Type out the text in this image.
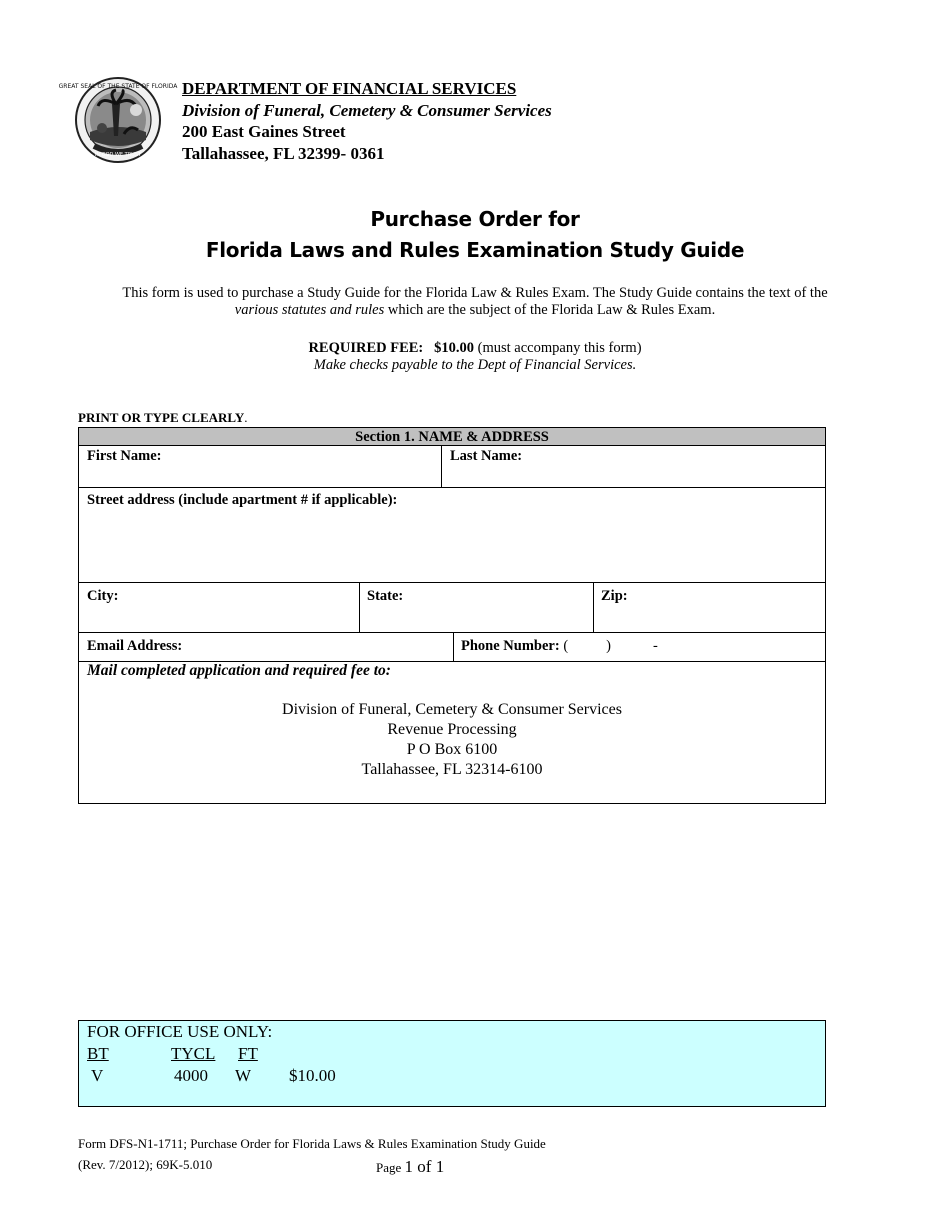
GREAT SEAL OF THE STATE OF FLORIDA
IN GOD WE TRUST
DEPARTMENT OF FINANCIAL SERVICES
Division of Funeral, Cemetery & Consumer Services
200 East Gaines Street
Tallahassee, FL 32399- 0361
Purchase Order for
Florida Laws and Rules Examination Study Guide
This form is used to purchase a Study Guide for the Florida Law & Rules Exam. The Study Guide contains the text of the
various statutes and rules which are the subject of the Florida Law & Rules Exam.
REQUIRED FEE: $10.00 (must accompany this form)
Make checks payable to the Dept of Financial Services.
PRINT OR TYPE CLEARLY.
Section 1. NAME & ADDRESS
First Name:	Last Name:
Street address (include apartment # if applicable):
City:	State:	Zip:
Email Address:	Phone Number: (	)	-
Mail completed application and required fee to:
Division of Funeral, Cemetery & Consumer Services
Revenue Processing
P O Box 6100
Tallahassee, FL 32314-6100
FOR OFFICE USE ONLY:
BT	TYCL FT
V	4000 W $10.00
Form DFS-N1-1711; Purchase Order for Florida Laws & Rules Examination Study Guide
(Rev. 7/2012); 69K-5.010	Page 1 of 1
